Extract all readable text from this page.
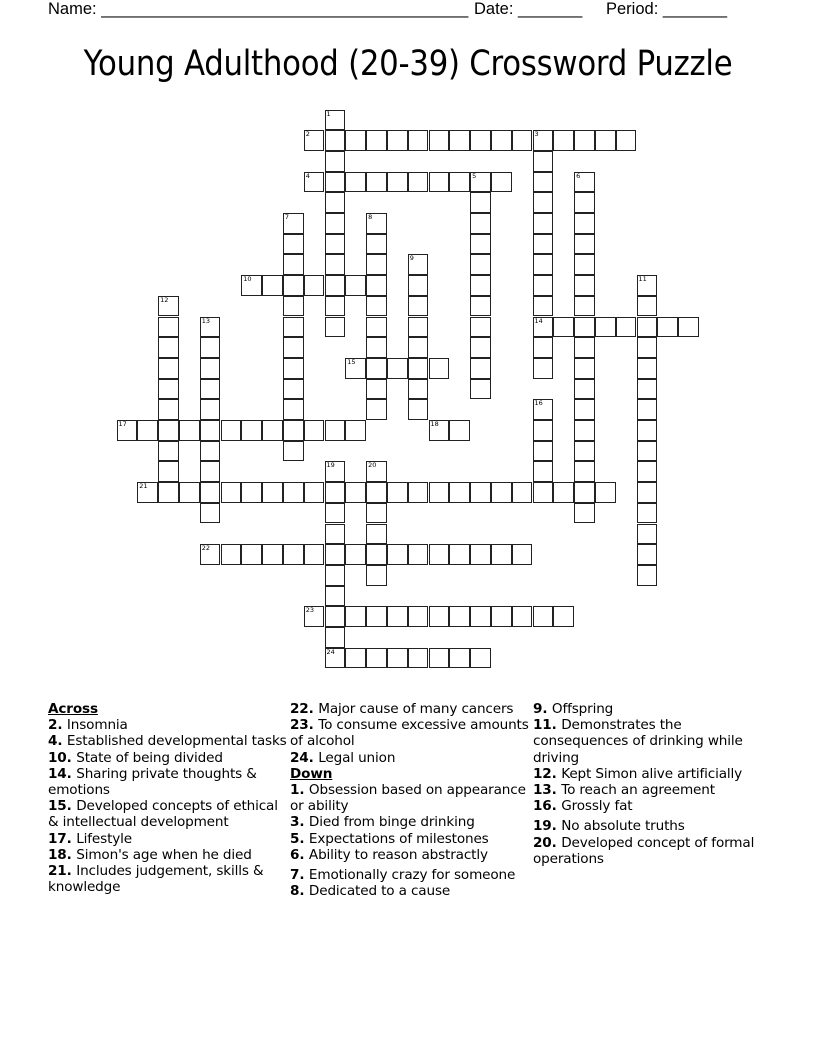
Name: ________________________________________ Date: _______ Period: _______
Young Adulthood (20-39) Crossword Puzzle
1
2	3
14
4	5	6
7	8
9
10	11
12
13
15
16
17	18
19
24
20
21
22
23
Across
2. Insomnia
4. Established developmental tasks
10. State of being divided
14. Sharing private thoughts & emotions
15. Developed concepts of ethical & intellectual development
17. Lifestyle
18. Simon's age when he died
21. Includes judgement, skills & knowledge
22. Major cause of many cancers
23. To consume excessive amounts of alcohol
24. Legal union
Down
1. Obsession based on appearance or ability
3. Died from binge drinking
5. Expectations of milestones
6. Ability to reason abstractly
7. Emotionally crazy for someone
8. Dedicated to a cause
9. Offspring
11. Demonstrates the consequences of drinking while driving
12. Kept Simon alive artificially
13. To reach an agreement
16. Grossly fat
19. No absolute truths
20. Developed concept of formal operations
